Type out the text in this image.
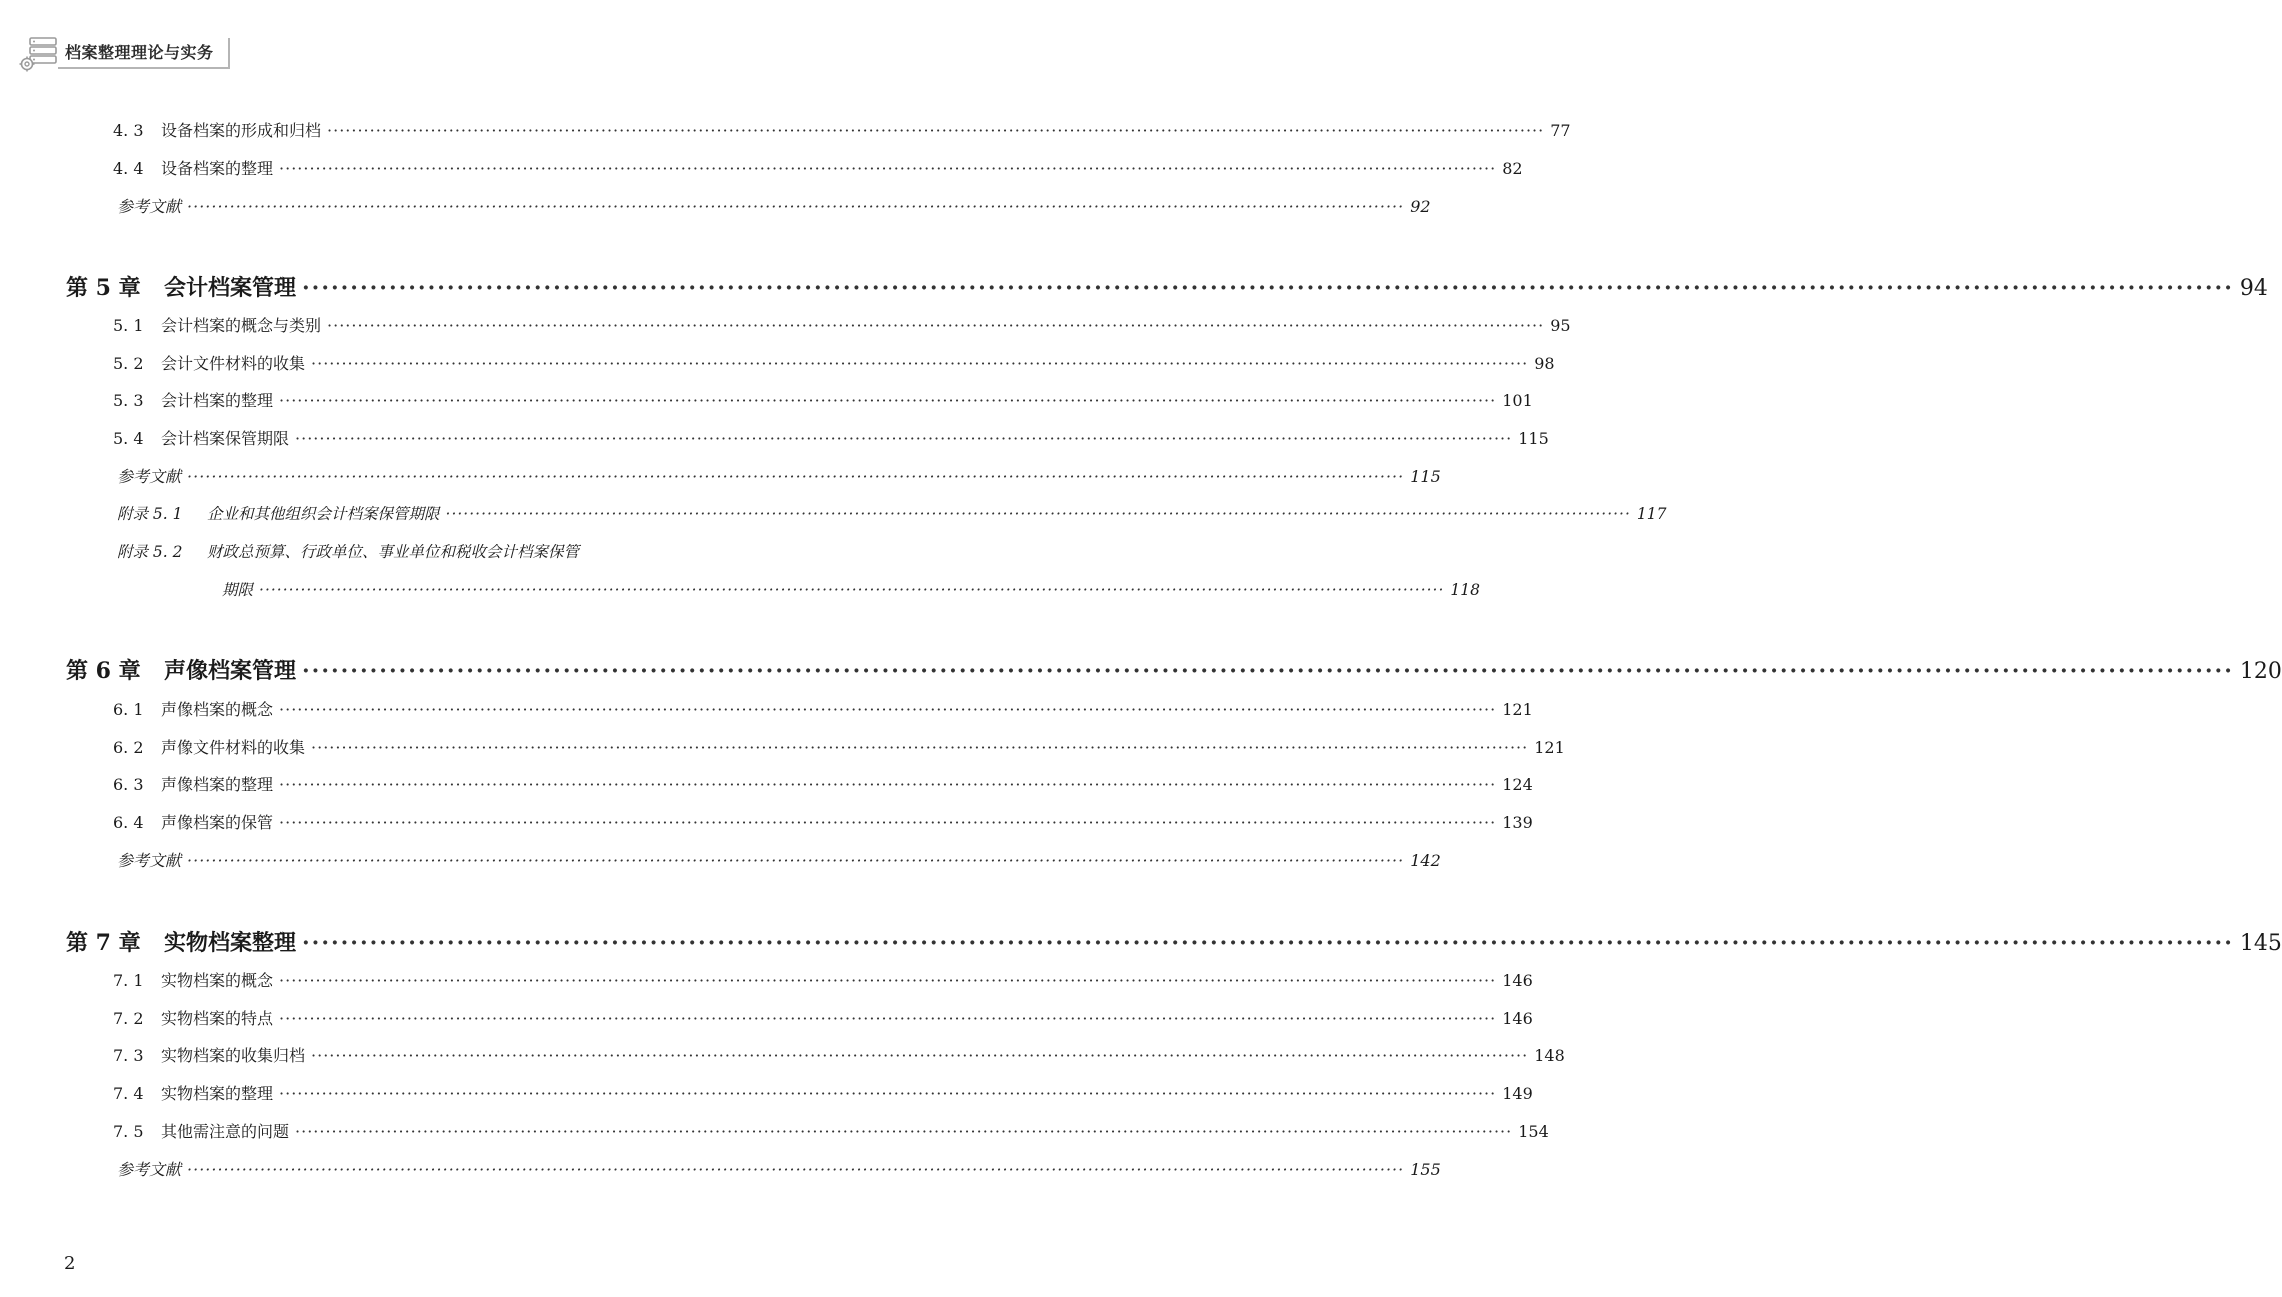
档案整理理论与实务
4. 3	设备档案的形成和归档 ········································································································································································································ 77
4. 4	设备档案的整理 ········································································································································································································ 82
参考文献 ········································································································································································································ 92
第 5 章	会计档案管理 ········································································································································································································ 94
5. 1	会计档案的概念与类别 ········································································································································································································ 95
5. 2	会计文件材料的收集 ········································································································································································································ 98
5. 3	会计档案的整理 ········································································································································································································ 101
5. 4	会计档案保管期限 ········································································································································································································ 115
参考文献 ········································································································································································································ 115
附录 5. 1	企业和其他组织会计档案保管期限 ········································································································································································································ 117
附录 5. 2	财政总预算、行政单位、事业单位和税收会计档案保管
期限 ········································································································································································································ 118
第 6 章	声像档案管理 ········································································································································································································ 120
6. 1	声像档案的概念 ········································································································································································································ 121
6. 2	声像文件材料的收集 ········································································································································································································ 121
6. 3	声像档案的整理 ········································································································································································································ 124
6. 4	声像档案的保管 ········································································································································································································ 139
参考文献 ········································································································································································································ 142
第 7 章	实物档案整理 ········································································································································································································ 145
7. 1	实物档案的概念 ········································································································································································································ 146
7. 2	实物档案的特点 ········································································································································································································ 146
7. 3	实物档案的收集归档 ········································································································································································································ 148
7. 4	实物档案的整理 ········································································································································································································ 149
7. 5	其他需注意的问题 ········································································································································································································ 154
参考文献 ········································································································································································································ 155
2
